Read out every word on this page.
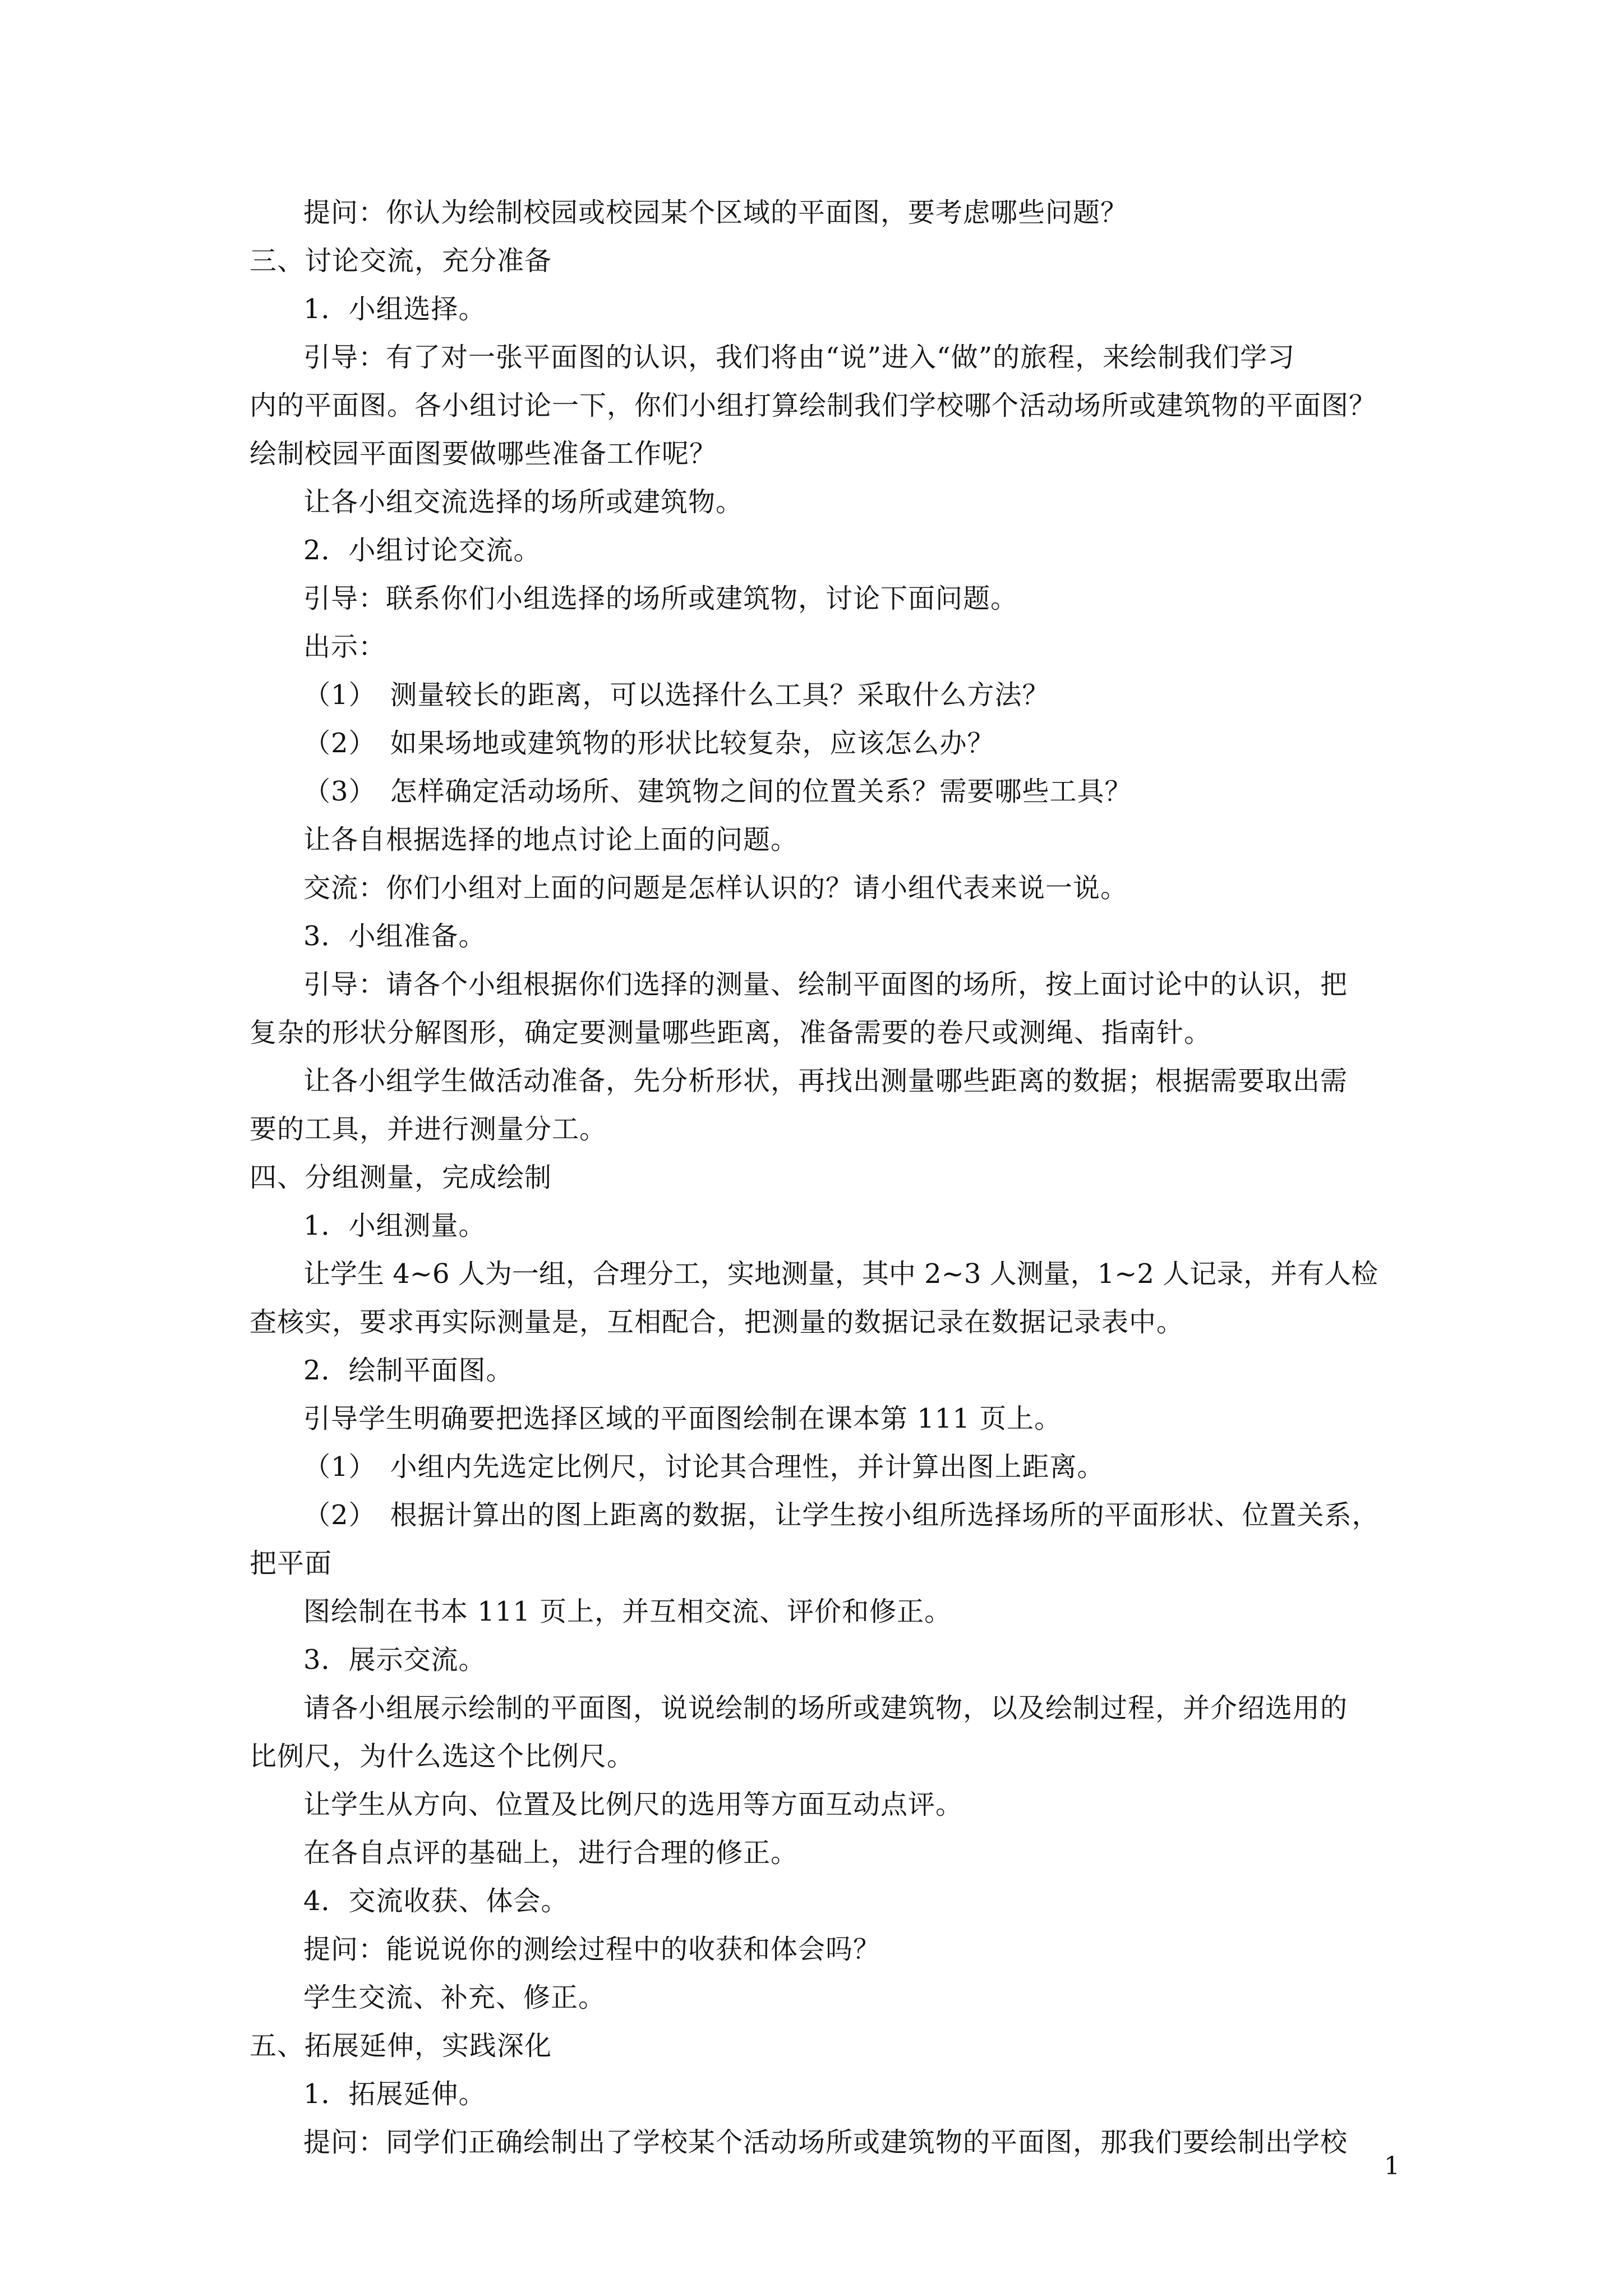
提问：你认为绘制校园或校园某个区域的平面图，要考虑哪些问题？
三、讨论交流，充分准备
1．小组选择。
引导：有了对一张平面图的认识，我们将由“说”进入“做”的旅程，来绘制我们学习
内的平面图。各小组讨论一下，你们小组打算绘制我们学校哪个活动场所或建筑物的平面图？
绘制校园平面图要做哪些准备工作呢？
让各小组交流选择的场所或建筑物。
2．小组讨论交流。
引导：联系你们小组选择的场所或建筑物，讨论下面问题。
出示：
（1）　测量较长的距离，可以选择什么工具？采取什么方法？
（2）　如果场地或建筑物的形状比较复杂，应该怎么办？
（3）　怎样确定活动场所、建筑物之间的位置关系？需要哪些工具？
让各自根据选择的地点讨论上面的问题。
交流：你们小组对上面的问题是怎样认识的？请小组代表来说一说。
3．小组准备。
引导：请各个小组根据你们选择的测量、绘制平面图的场所，按上面讨论中的认识，把
复杂的形状分解图形，确定要测量哪些距离，准备需要的卷尺或测绳、指南针。
让各小组学生做活动准备，先分析形状，再找出测量哪些距离的数据；根据需要取出需
要的工具，并进行测量分工。
四、分组测量，完成绘制
1．小组测量。
让学生 4~6 人为一组，合理分工，实地测量，其中 2~3 人测量，1~2 人记录，并有人检
查核实，要求再实际测量是，互相配合，把测量的数据记录在数据记录表中。
2．绘制平面图。
引导学生明确要把选择区域的平面图绘制在课本第 111 页上。
（1）　小组内先选定比例尺，讨论其合理性，并计算出图上距离。
（2）　根据计算出的图上距离的数据，让学生按小组所选择场所的平面形状、位置关系，
把平面
图绘制在书本 111 页上，并互相交流、评价和修正。
3．展示交流。
请各小组展示绘制的平面图，说说绘制的场所或建筑物，以及绘制过程，并介绍选用的
比例尺，为什么选这个比例尺。
让学生从方向、位置及比例尺的选用等方面互动点评。
在各自点评的基础上，进行合理的修正。
4．交流收获、体会。
提问：能说说你的测绘过程中的收获和体会吗？
学生交流、补充、修正。
五、拓展延伸，实践深化
1．拓展延伸。
提问：同学们正确绘制出了学校某个活动场所或建筑物的平面图，那我们要绘制出学校
1
